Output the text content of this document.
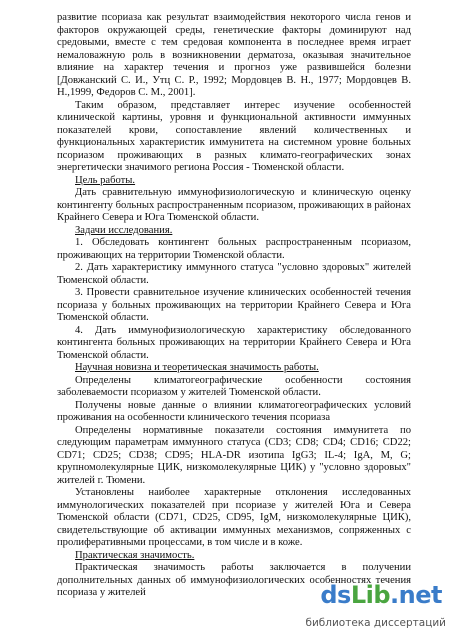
развитие псориаза как результат взаимодействия некоторого числа генов и факторов окружающей среды, генетические факторы доминируют над средовыми, вместе с тем средовая компонента в последнее время играет немаловажную роль в возникновении дерматоза, оказывая значительное влияние на характер течения и прогноз уже развившейся болезни [Довжанский С. И., Утц С. Р., 1992; Мордовцев В. Н., 1977; Мордовцев В. Н.,1999, Федоров С. М., 2001].

Таким образом, представляет интерес изучение особенностей клинической картины, уровня и функциональной активности иммунных показателей крови, сопоставление явлений количественных и функциональных характеристик иммунитета на системном уровне больных псориазом проживающих в разных климато-географических зонах энергетически значимого региона Россия - Тюменской области.

Цель работы.

Дать сравнительную иммунофизиологическую и клиническую оценку контингенту больных распространенным псориазом, проживающих в районах Крайнего Севера и Юга Тюменской области.

Задачи исследования.

1. Обследовать контингент больных распространенным псориазом, проживающих на территории Тюменской области.

2. Дать характеристику иммунного статуса "условно здоровых" жителей Тюменской области.

3. Провести сравнительное изучение клинических особенностей течения псориаза у больных проживающих на территории Крайнего Севера и Юга Тюменской области.

4. Дать иммунофизиологическую характеристику обследованного контингента больных проживающих на территории Крайнего Севера и Юга Тюменской области.

Научная новизна и теоретическая значимость работы.

Определены климатогеографические особенности состояния заболеваемости псориазом у жителей Тюменской области.

Получены новые данные о влиянии климатогеографических условий проживания на особенности клинического течения псориаза

Определены нормативные показатели состояния иммунитета по следующим параметрам иммунного статуса (CD3; CD8; CD4; CD16; CD22; CD71; CD25; CD38; CD95; HLA-DR изотипа IgG3; IL-4; IgA, M, G; крупномолекулярные ЦИК, низкомолекулярные ЦИК) у "условно здоровых" жителей г. Тюмени.

Установлены наиболее характерные отклонения исследованных иммунологических показателей при псориазе у жителей Юга и Севера Тюменской области (CD71, CD25, CD95, IgM, низкомолекулярные ЦИК), свидетельствующие об активации иммунных механизмов, сопряженных с пролиферативными процессами, в том числе и в коже.

Практическая значимость.

Практическая значимость работы заключается в получении дополнительных данных об иммунофизиологических особенностях течения псориаза у жителей	dsLib.net
библиотека диссертаций
